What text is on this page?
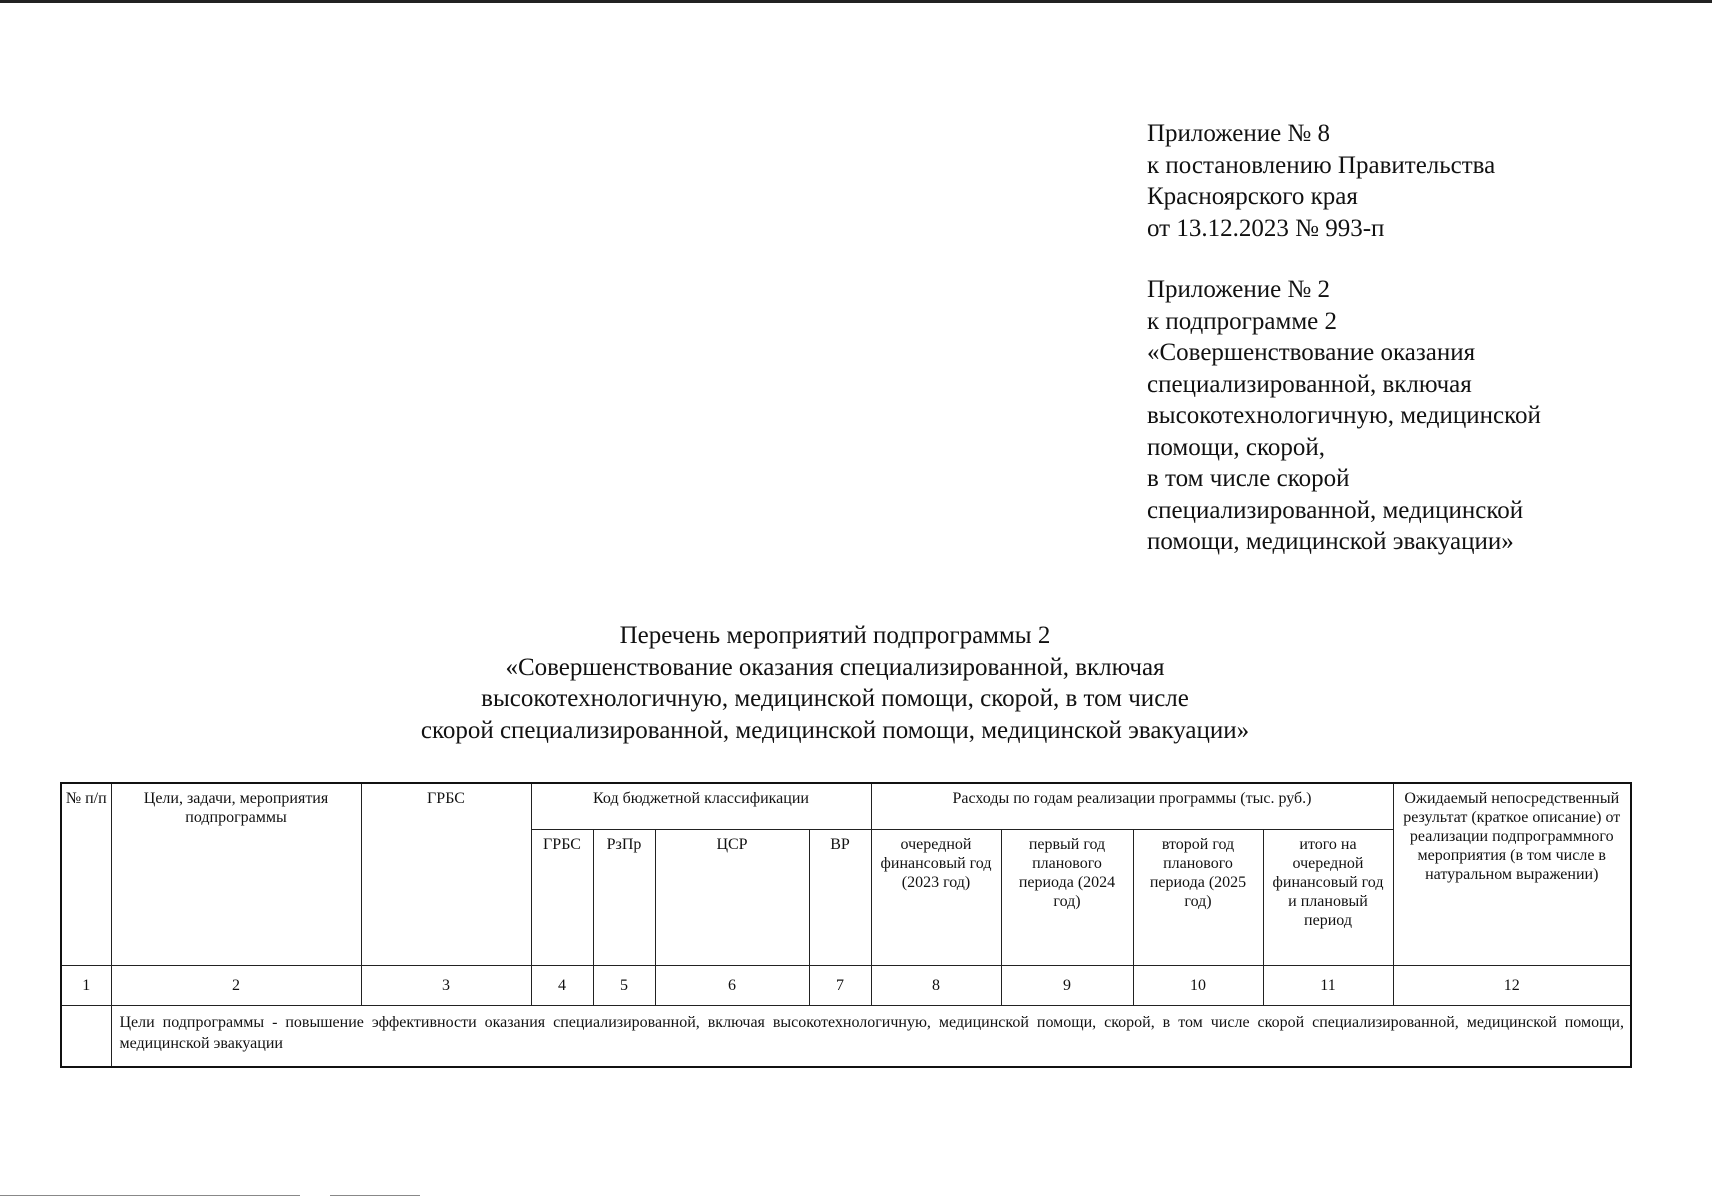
Приложение № 8
к постановлению Правительства
Красноярского края
от 13.12.2023 № 993-п
Приложение № 2
к подпрограмме 2
«Совершенствование оказания
специализированной, включая
высокотехнологичную, медицинской
помощи, скорой,
в том числе скорой
специализированной, медицинской
помощи, медицинской эвакуации»
Перечень мероприятий подпрограммы 2
«Совершенствование оказания специализированной, включая
высокотехнологичную, медицинской помощи, скорой, в том числе
скорой специализированной, медицинской помощи, медицинской эвакуации»
№ п/п	Цели, задачи, мероприятия подпрограммы	ГРБС	Код бюджетной классификации				Расходы по годам реализации программы (тыс. руб.)				Ожидаемый непосредственный результат (краткое описание) от реализации подпрограммного мероприятия (в том числе в натуральном выражении)
			ГРБС	РзПр	ЦСР	ВР	очередной финансовый год (2023 год)	первый год планового периода (2024 год)	второй год планового периода (2025 год)	итого на очередной финансовый год и плановый период	
1	2	3	4	5	6	7	8	9	10	11	12
	Цели подпрограммы - повышение эффективности оказания специализированной, включая высокотехнологичную, медицинской помощи, скорой, в том числе скорой специализированной, медицинской помощи, медицинской эвакуации										
